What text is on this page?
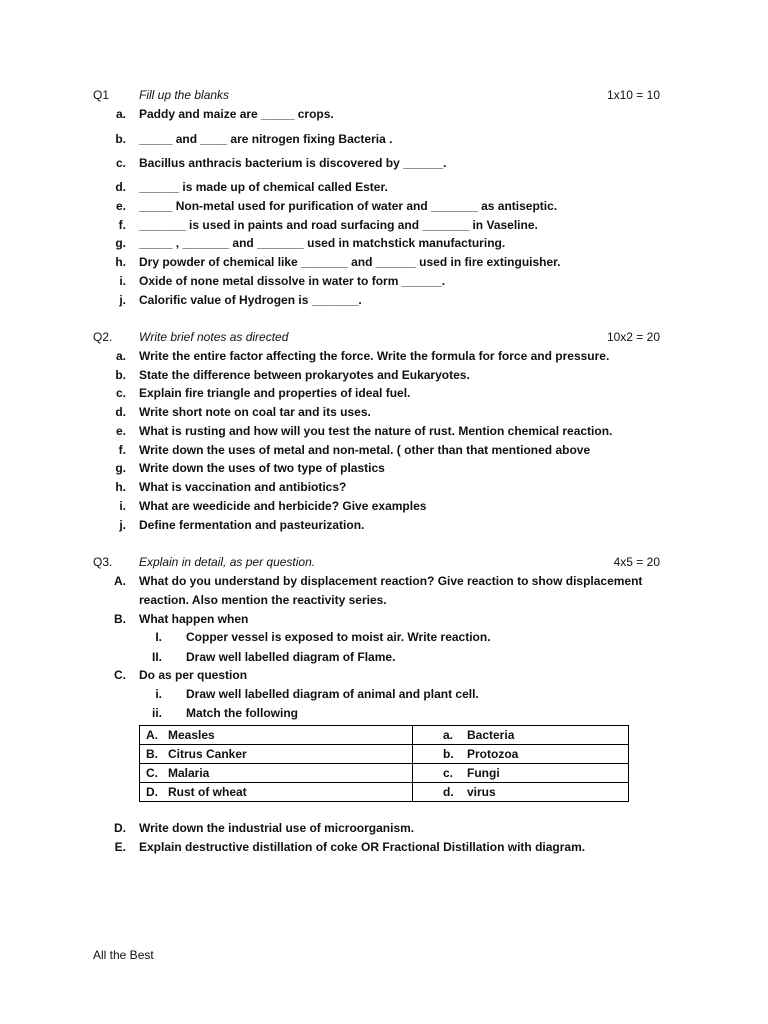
Q1 Fill up the blanks	1x10 = 10
a. Paddy and maize are _____ crops.
b. _____ and ____ are nitrogen fixing Bacteria .
c. Bacillus anthracis bacterium is discovered by ______.
d. ______ is made up of chemical called Ester.
e. _____ Non-metal used for purification of water and _______ as antiseptic.
f. _______ is used in paints and road surfacing and _______ in Vaseline.
g. _____ , _______ and _______ used in matchstick manufacturing.
h. Dry powder of chemical like _______ and ______ used in fire extinguisher.
i. Oxide of none metal dissolve in water to form ______.
j. Calorific value of Hydrogen is _______.
Q2. Write brief notes as directed	10x2 = 20
a. Write the entire factor affecting the force. Write the formula for force and pressure.
b. State the difference between prokaryotes and Eukaryotes.
c. Explain fire triangle and properties of ideal fuel.
d. Write short note on coal tar and its uses.
e. What is rusting and how will you test the nature of rust. Mention chemical reaction.
f. Write down the uses of metal and non-metal. ( other than that mentioned above
g. Write down the uses of two type of plastics
h. What is vaccination and antibiotics?
i. What are weedicide and herbicide? Give examples
j. Define fermentation and pasteurization.
Q3. Explain in detail, as per question.	4x5 = 20
A. What do you understand by displacement reaction? Give reaction to show displacement
reaction. Also mention the reactivity series.
B. What happen when
I. Copper vessel is exposed to moist air. Write reaction.
II. Draw well labelled diagram of Flame.
C. Do as per question
i. Draw well labelled diagram of animal and plant cell.
ii. Match the following
A. Measles	a. Bacteria
B. Citrus Canker	b. Protozoa
C. Malaria	c. Fungi
D. Rust of wheat	d. virus
D. Write down the industrial use of microorganism.
E. Explain destructive distillation of coke OR Fractional Distillation with diagram.
All the Best
